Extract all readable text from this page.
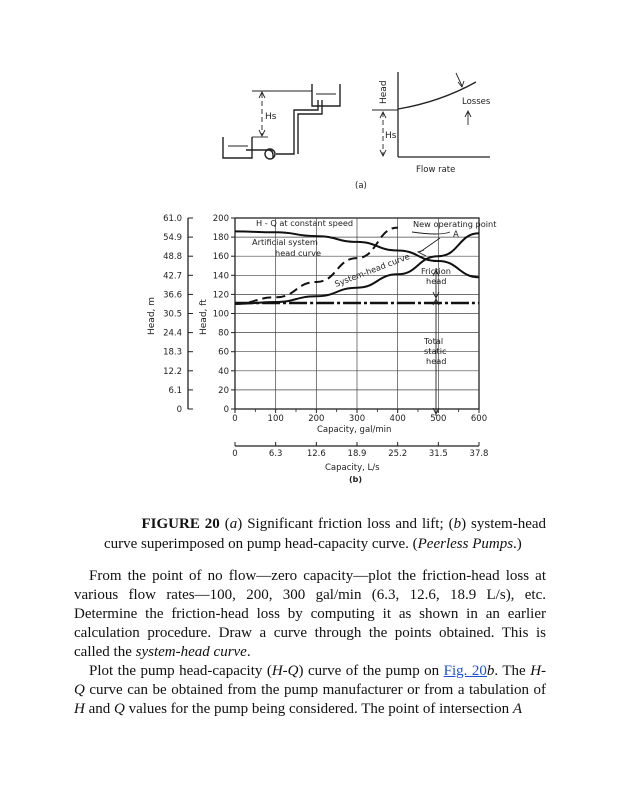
Hs
Head	Losses
Hs
Flow rate
(a)
61.0
54.9
48.8
42.7
36.6
30.5
24.4
18.3
12.2
6.1
0
200
180
160
140
120
100
80
60
40
20
0
0	100	200	300	400	500	600
0	6.3	12.6	18.9	25.2	31.5	37.8
Head, m	Head, ft
Capacity, gal/min
Capacity, L/s
(b)
H - Q at constant speed	New operating point
A
Artificial system
head curve System-head curve Friction
head
Total
static
head
   FIGURE 20 (a) Significant friction loss and lift; (b) system-head curve superimposed on pump head-capacity curve. (Peerless Pumps.)

From the point of no flow—zero capacity—plot the friction-head loss at various flow rates—100, 200, 300 gal/min (6.3, 12.6, 18.9 L/s), etc. Determine the friction-head loss by computing it as shown in an earlier calculation procedure. Draw a curve through the points obtained. This is called the system-head curve.

Plot the pump head-capacity (H-Q) curve of the pump on Fig. 20b. The H-Q curve can be obtained from the pump manufacturer or from a tabulation of H and Q values for the pump being considered. The point of intersection A
